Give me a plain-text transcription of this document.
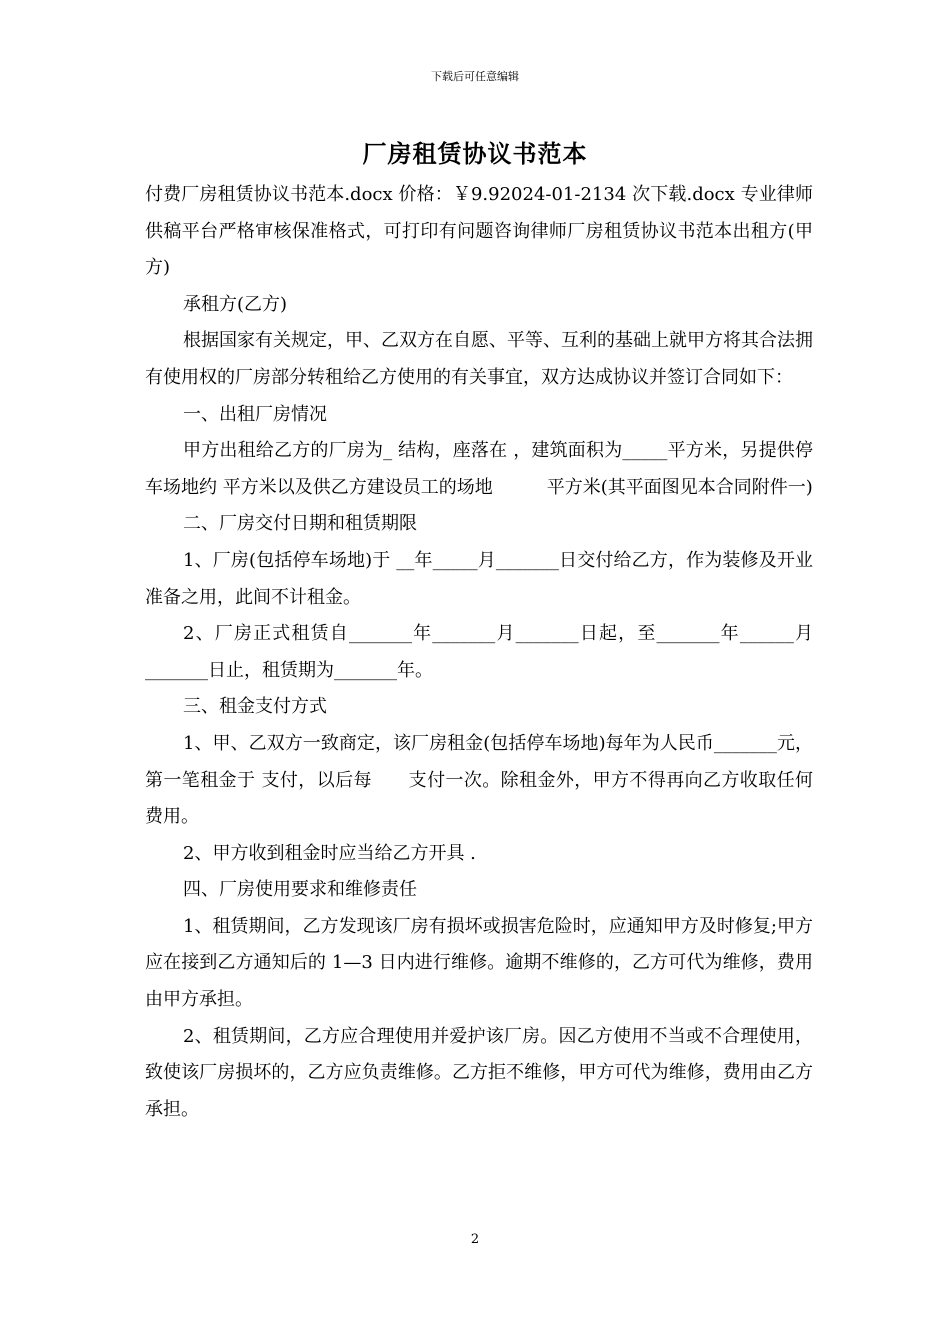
下载后可任意编辑
厂房租赁协议书范本

付费厂房租赁协议书范本.docx 价格：￥9.92024-01-2134 次下载.docx 专业律师供稿平台严格审核保准格式，可打印有问题咨询律师厂房租赁协议书范本出租方(甲方)

承租方(乙方)

根据国家有关规定，甲、乙双方在自愿、平等、互利的基础上就甲方将其合法拥有使用权的厂房部分转租给乙方使用的有关事宜，双方达成协议并签订合同如下：

一、出租厂房情况

甲方出租给乙方的厂房为_ 结构，座落在 ，建筑面积为_____平方米，另提供停车场地约 平方米以及供乙方建设员工的场地　　　平方米(其平面图见本合同附件一)

二、厂房交付日期和租赁期限

1、厂房(包括停车场地)于 __年_____月_______日交付给乙方，作为装修及开业准备之用，此间不计租金。

2、厂房正式租赁自_______年_______月_______日起，至_______年______月_______日止，租赁期为_______年。

三、租金支付方式

1、甲、乙双方一致商定，该厂房租金(包括停车场地)每年为人民币_______元，第一笔租金于 支付，以后每　　支付一次。除租金外，甲方不得再向乙方收取任何费用。

2、甲方收到租金时应当给乙方开具 .

四、厂房使用要求和维修责任

1、租赁期间，乙方发现该厂房有损坏或损害危险时，应通知甲方及时修复;甲方应在接到乙方通知后的 1—3 日内进行维修。逾期不维修的，乙方可代为维修，费用由甲方承担。

2、租赁期间，乙方应合理使用并爱护该厂房。因乙方使用不当或不合理使用，致使该厂房损坏的，乙方应负责维修。乙方拒不维修，甲方可代为维修，费用由乙方承担。

2
